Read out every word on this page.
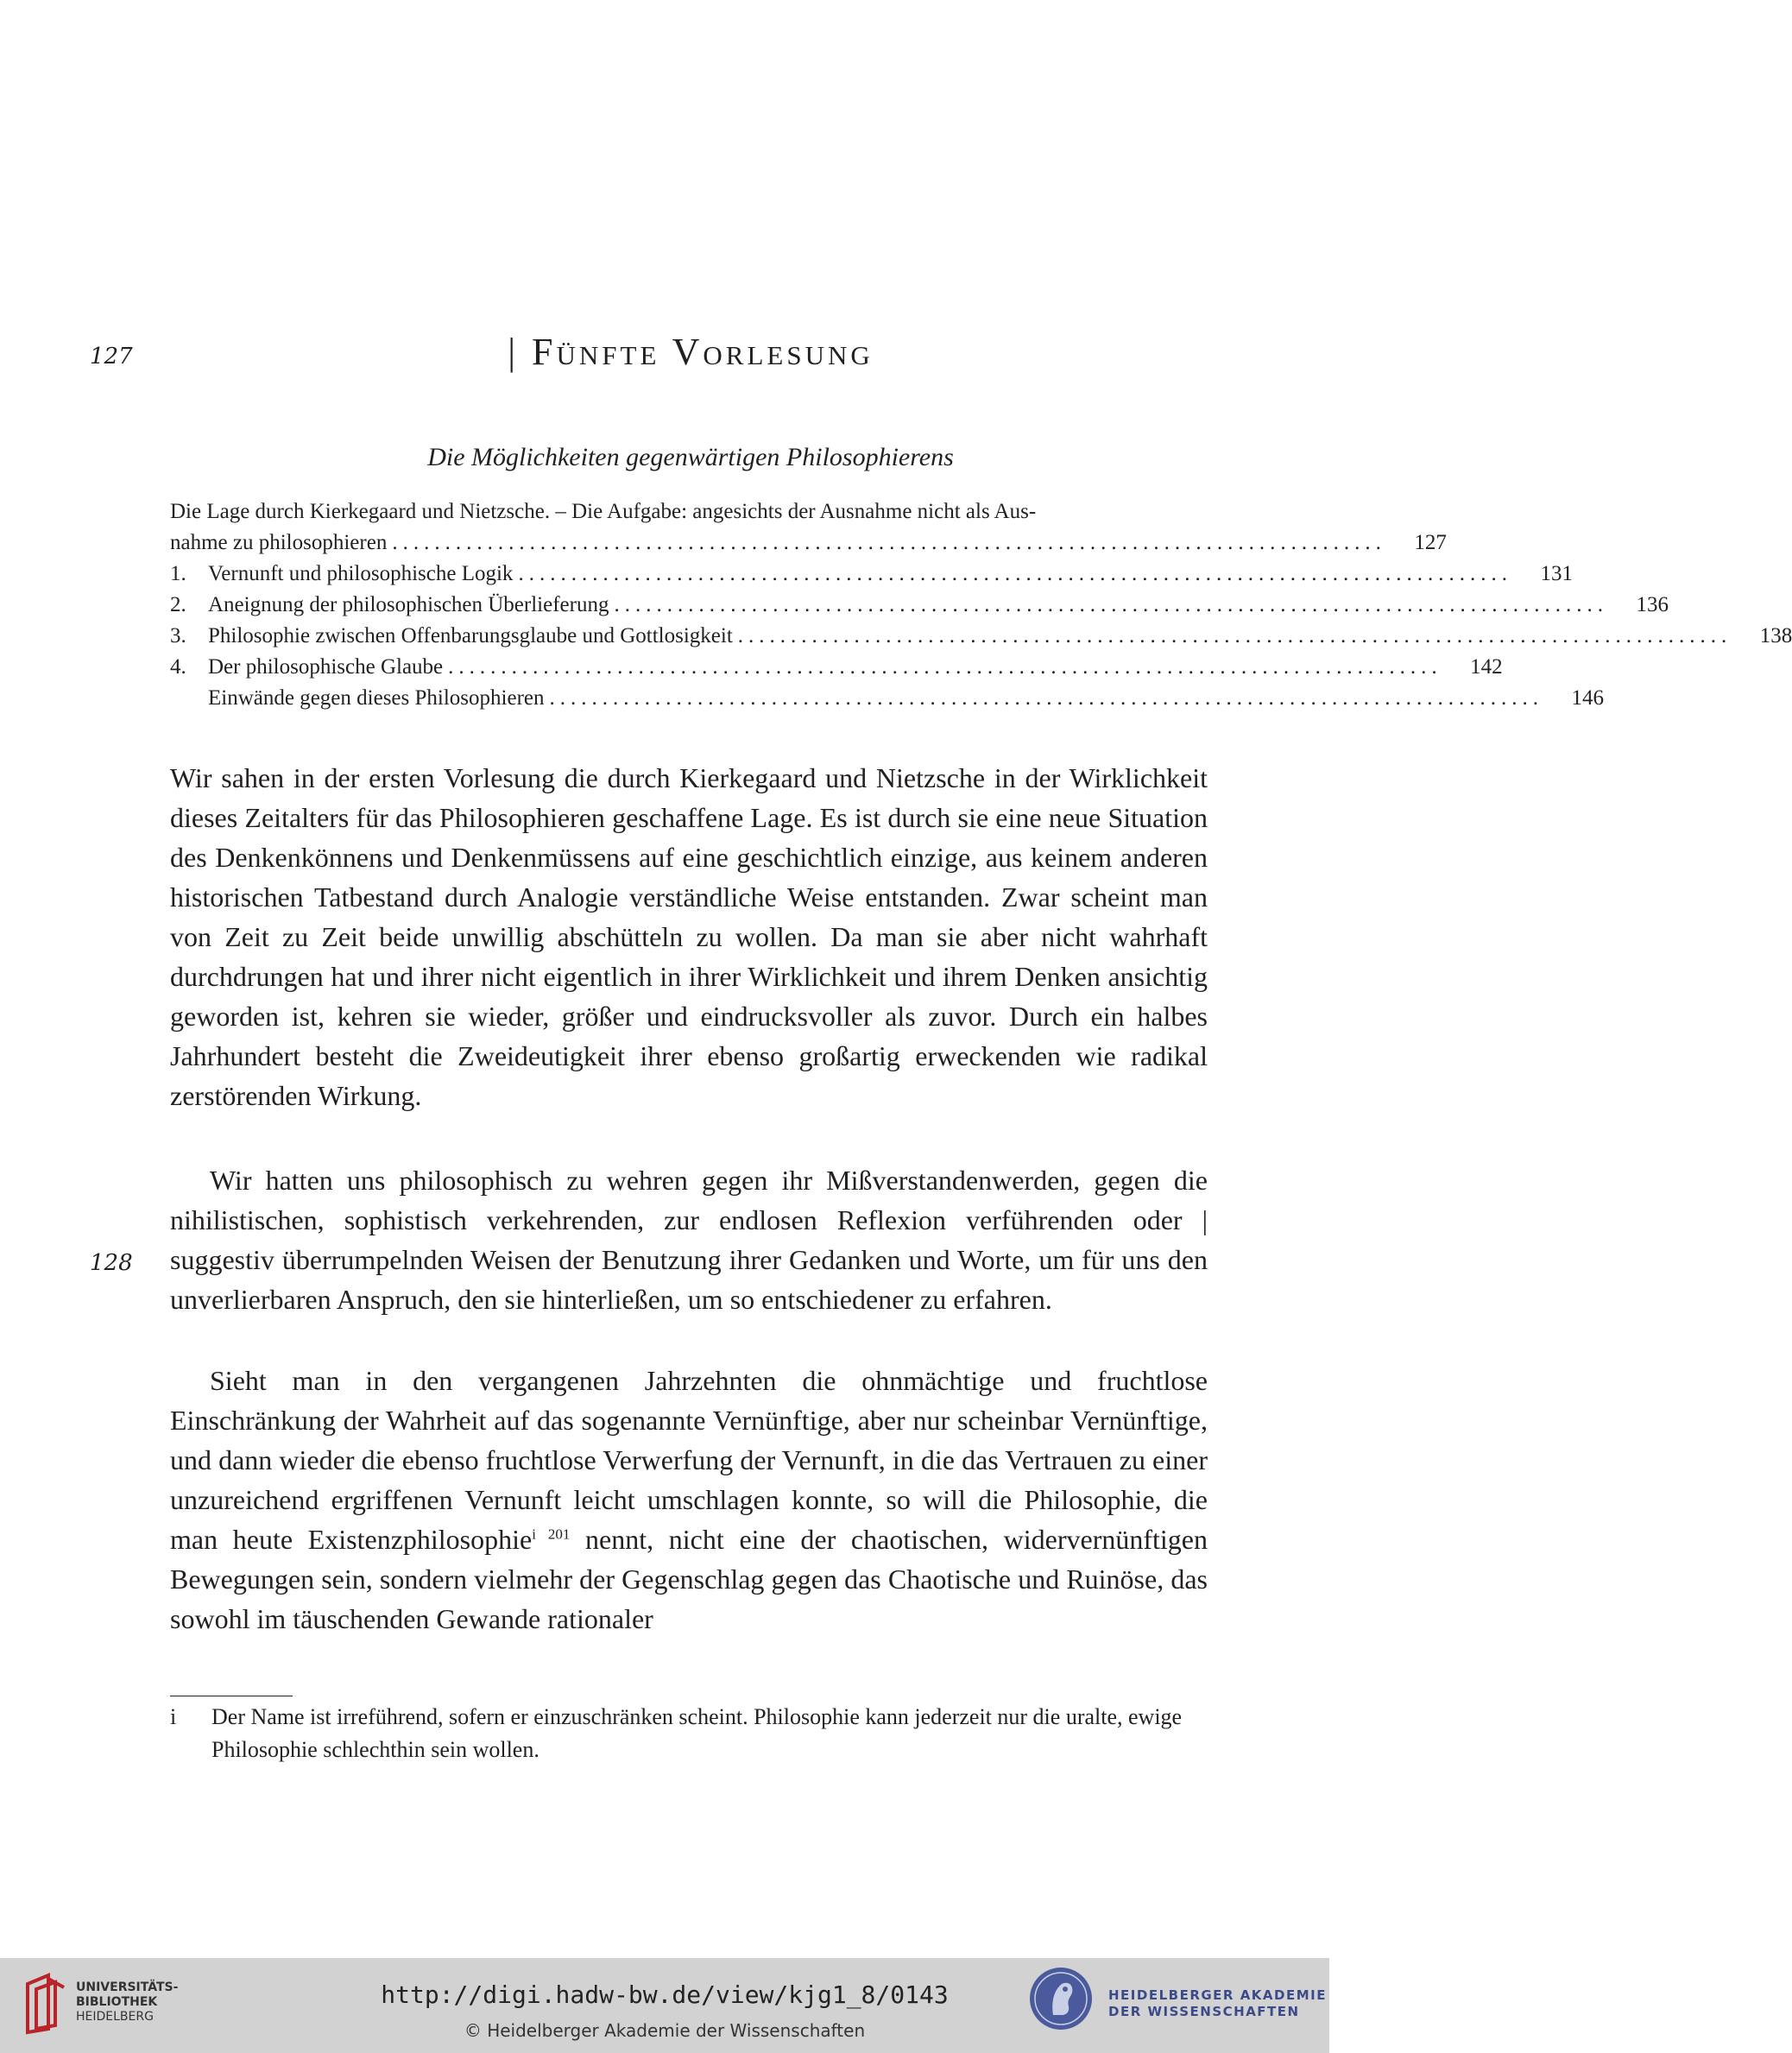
127	| Fünfte Vorlesung
Die Möglichkeiten gegenwärtigen Philosophierens
Die Lage durch Kierkegaard und Nietzsche. – Die Aufgabe: angesichts der Ausnahme nicht als Aus-
nahme zu philosophieren ..............................................................................................	127
1.	Vernunft und philosophische Logik ..............................................................................................	131
2.	Aneignung der philosophischen Überlieferung ..............................................................................................	136
3.	Philosophie zwischen Offenbarungsglaube und Gottlosigkeit ..............................................................................................	138
4.	Der philosophische Glaube ..............................................................................................	142
Einwände gegen dieses Philosophieren ..............................................................................................	146

Wir sahen in der ersten Vorlesung die durch Kierkegaard und Nietzsche in der Wirklichkeit dieses Zeitalters für das Philosophieren geschaffene Lage. Es ist durch sie eine neue Situation des Denkenkönnens und Denkenmüssens auf eine geschichtlich einzige, aus keinem anderen historischen Tatbestand durch Analogie verständliche Weise entstanden. Zwar scheint man von Zeit zu Zeit beide unwillig abschütteln zu wollen. Da man sie aber nicht wahrhaft durchdrungen hat und ihrer nicht eigentlich in ihrer Wirklichkeit und ihrem Denken ansichtig geworden ist, kehren sie wieder, größer und eindrucksvoller als zuvor. Durch ein halbes Jahrhundert besteht die Zweideutigkeit ihrer ebenso großartig erweckenden wie radikal zerstörenden Wirkung.

Wir hatten uns philosophisch zu wehren gegen ihr Mißverstandenwerden, gegen die nihilistischen, sophistisch verkehrenden, zur endlosen Reflexion verführenden oder | suggestiv überrumpelnden Weisen der Benutzung ihrer Gedanken und Worte, um für uns den unverlierbaren Anspruch, den sie hinterließen, um so entschiedener zu erfahren.

128

Sieht man in den vergangenen Jahrzehnten die ohnmächtige und fruchtlose Einschränkung der Wahrheit auf das sogenannte Vernünftige, aber nur scheinbar Vernünftige, und dann wieder die ebenso fruchtlose Verwerfung der Vernunft, in die das Vertrauen zu einer unzureichend ergriffenen Vernunft leicht umschlagen konnte, so will die Philosophie, die man heute Existenzphilosophie$^{i 201}$ nennt, nicht eine der chaotischen, widervernünftigen Bewegungen sein, sondern vielmehr der Gegenschlag gegen das Chaotische und Ruinöse, das sowohl im täuschenden Gewande rationaler

i	Der Name ist irreführend, sofern er einzuschränken scheint. Philosophie kann jederzeit nur die uralte, ewige Philosophie schlechthin sein wollen.
UNIVERSITÄTS-
BIBLIOTHEK
HEIDELBERG
http://digi.hadw-bw.de/view/kjg1_8/0143
© Heidelberger Akademie der Wissenschaften
HEIDELBERGER AKADEMIE
DER WISSENSCHAFTEN
